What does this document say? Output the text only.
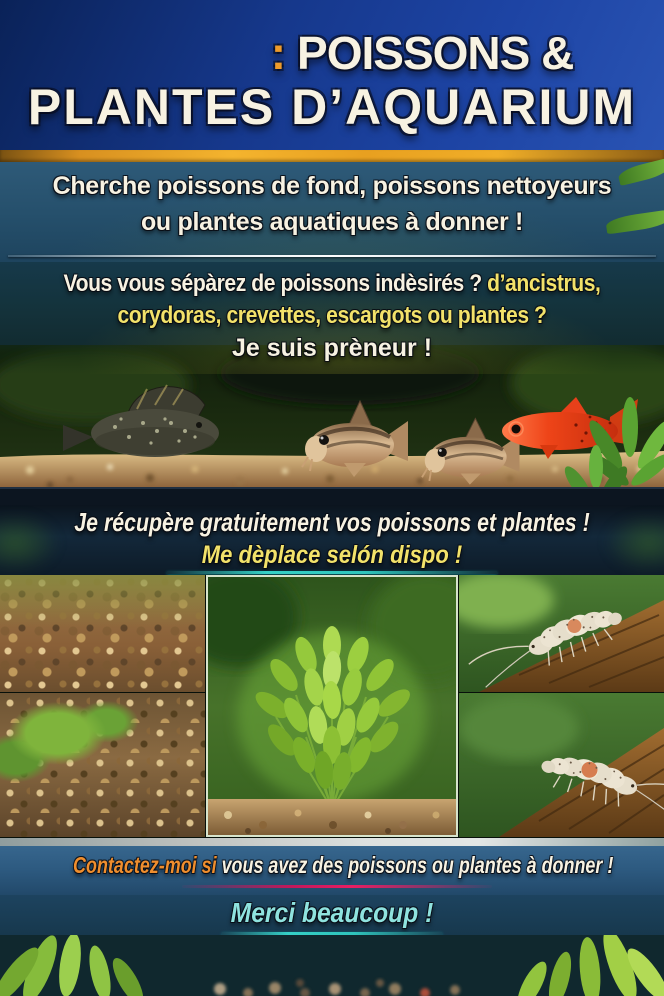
: POISSONS &
PLANTES D’AQUARIUM
Cherche poissons de fond, poissons nettoyeurs
ou plantes aquatiques à donner !
Vous vous sépàrez de poissons indèsirés ? d’ancistrus,
corydoras, crevettes, escargots ou plantes ?
Je suis prèneur !
Je récupère gratuitement vos poissons et plantes !
Me dèplace selón dispo !
Contactez-moi si vous avez des poissons ou plantes à donner !
Merci beaucoup !
